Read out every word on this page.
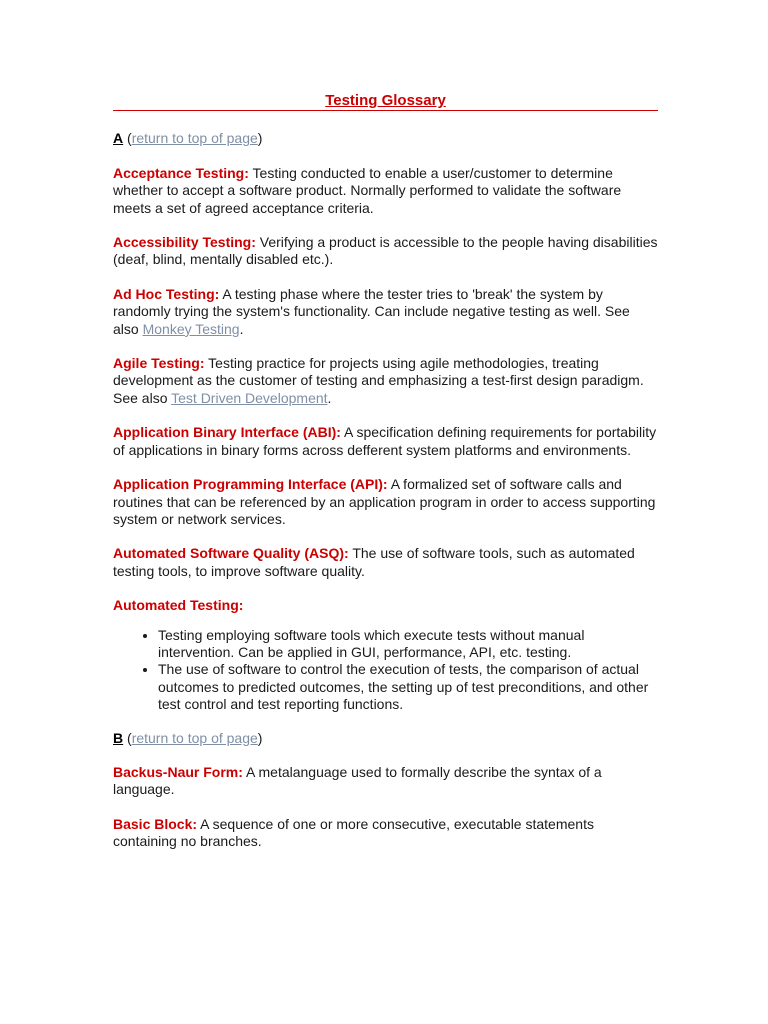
Testing Glossary

A (return to top of page)

Acceptance Testing: Testing conducted to enable a user/customer to determine whether to accept a software product. Normally performed to validate the software meets a set of agreed acceptance criteria.

Accessibility Testing: Verifying a product is accessible to the people having disabilities (deaf, blind, mentally disabled etc.).

Ad Hoc Testing: A testing phase where the tester tries to 'break' the system by randomly trying the system's functionality. Can include negative testing as well. See also Monkey Testing.

Agile Testing: Testing practice for projects using agile methodologies, treating development as the customer of testing and emphasizing a test-first design paradigm. See also Test Driven Development.

Application Binary Interface (ABI): A specification defining requirements for portability of applications in binary forms across defferent system platforms and environments.

Application Programming Interface (API): A formalized set of software calls and routines that can be referenced by an application program in order to access supporting system or network services.

Automated Software Quality (ASQ): The use of software tools, such as automated testing tools, to improve software quality.

Automated Testing:

• Testing employing software tools which execute tests without manual intervention. Can be applied in GUI, performance, API, etc. testing.
• The use of software to control the execution of tests, the comparison of actual outcomes to predicted outcomes, the setting up of test preconditions, and other test control and test reporting functions.

B (return to top of page)

Backus-Naur Form: A metalanguage used to formally describe the syntax of a language.

Basic Block: A sequence of one or more consecutive, executable statements containing no branches.
